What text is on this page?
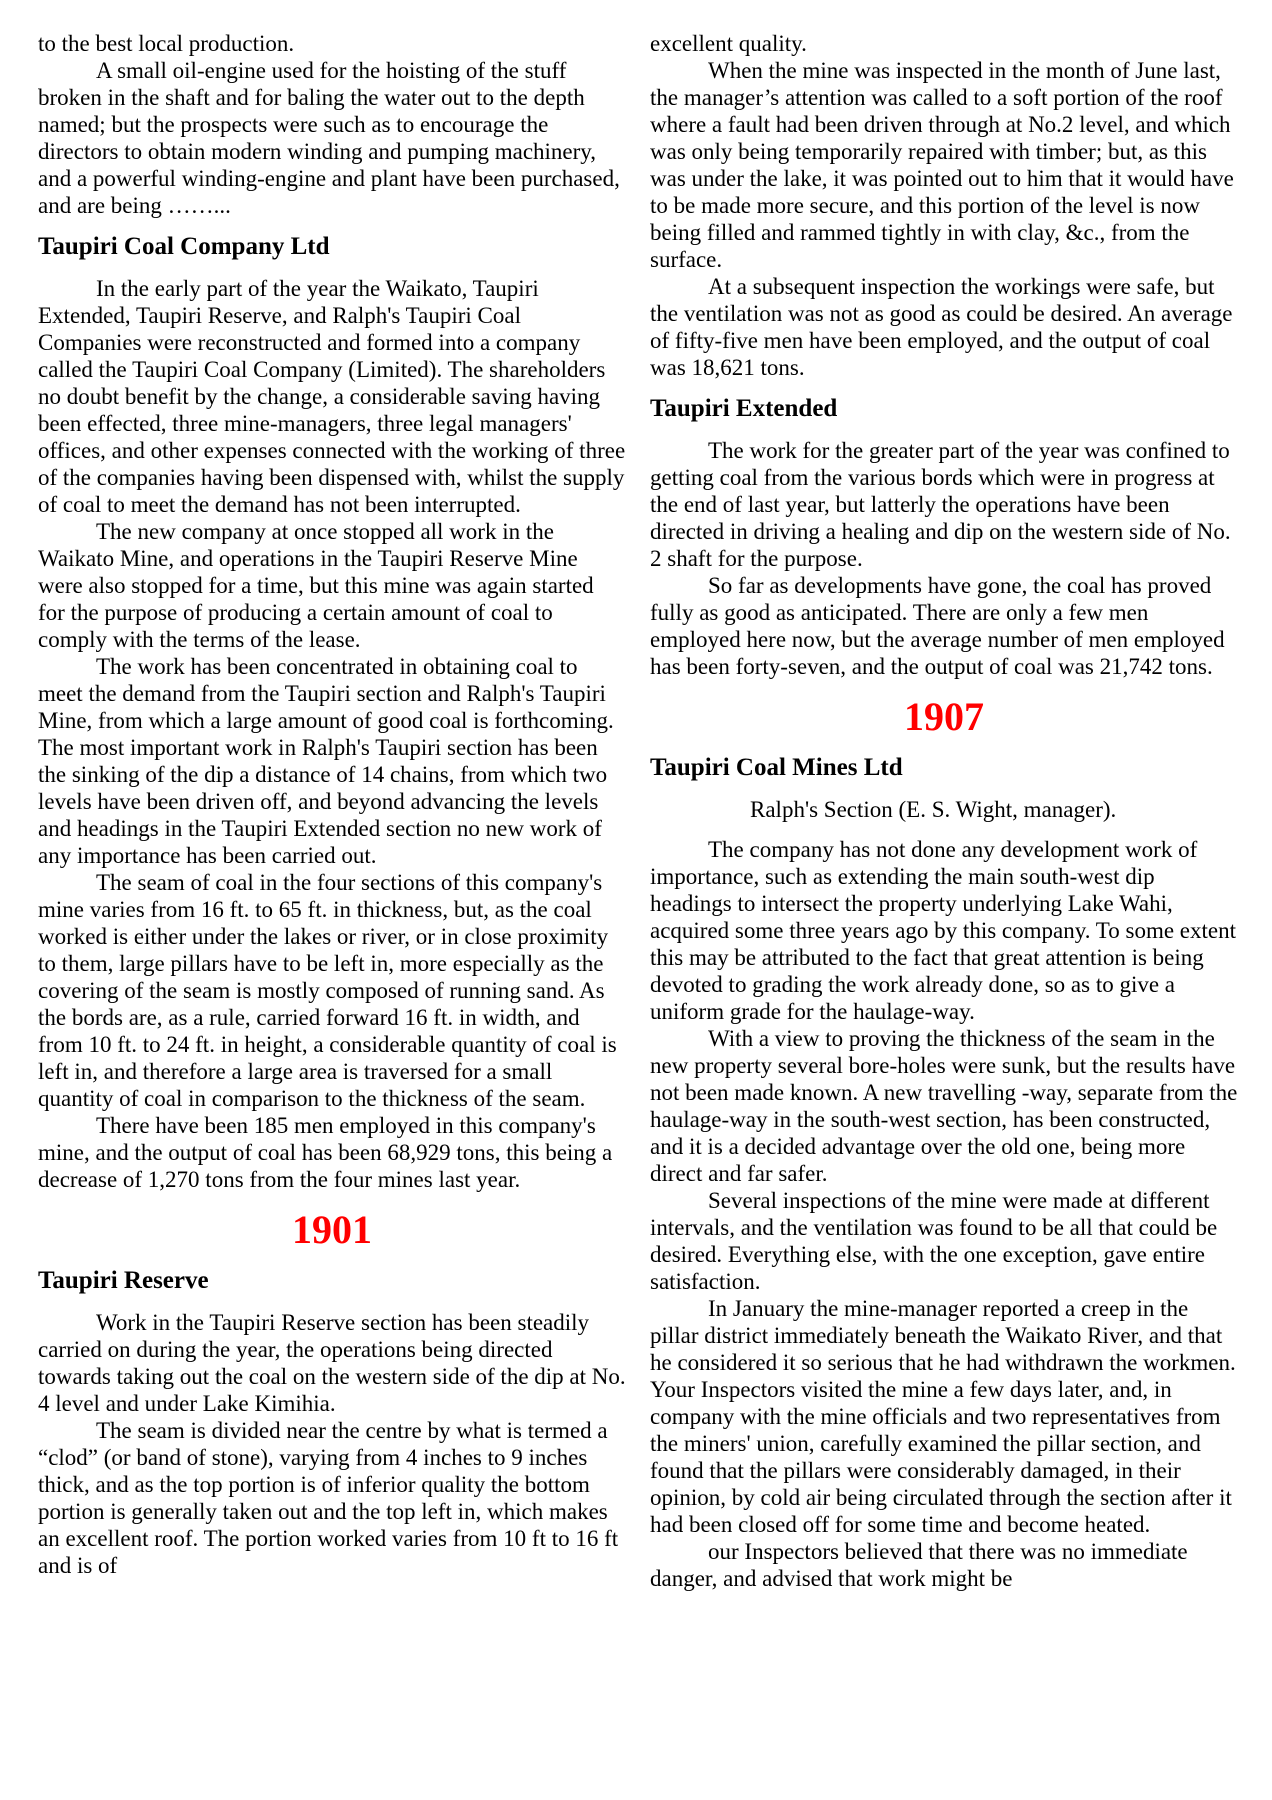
to the best local production.

A small oil-engine used for the hoisting of the stuff broken in the shaft and for baling the water out to the depth named; but the prospects were such as to encourage the directors to obtain modern winding and pumping machinery, and a powerful winding-engine and plant have been purchased, and are being ……...

Taupiri Coal Company Ltd

In the early part of the year the Waikato, Taupiri Extended, Taupiri Reserve, and Ralph's Taupiri Coal Companies were reconstructed and formed into a company called the Taupiri Coal Company (Limited). The shareholders no doubt benefit by the change, a considerable saving having been effected, three mine-managers, three legal managers' offices, and other expenses connected with the working of three of the companies having been dispensed with, whilst the supply of coal to meet the demand has not been interrupted.

The new company at once stopped all work in the Waikato Mine, and operations in the Taupiri Reserve Mine were also stopped for a time, but this mine was again started for the purpose of producing a certain amount of coal to comply with the terms of the lease.

The work has been concentrated in obtaining coal to meet the demand from the Taupiri section and Ralph's Taupiri Mine, from which a large amount of good coal is forthcoming. The most important work in Ralph's Taupiri section has been the sinking of the dip a distance of 14 chains, from which two levels have been driven off, and beyond advancing the levels and headings in the Taupiri Extended section no new work of any importance has been carried out.

The seam of coal in the four sections of this company's mine varies from 16 ft. to 65 ft. in thickness, but, as the coal worked is either under the lakes or river, or in close proximity to them, large pillars have to be left in, more especially as the covering of the seam is mostly composed of running sand. As the bords are, as a rule, carried forward 16 ft. in width, and from 10 ft. to 24 ft. in height, a considerable quantity of coal is left in, and therefore a large area is traversed for a small quantity of coal in comparison to the thickness of the seam.

There have been 185 men employed in this company's mine, and the output of coal has been 68,929 tons, this being a decrease of 1,270 tons from the four mines last year.

1901
Taupiri Reserve

Work in the Taupiri Reserve section has been steadily carried on during the year, the operations being directed towards taking out the coal on the western side of the dip at No. 4 level and under Lake Kimihia.

The seam is divided near the centre by what is termed a “clod” (or band of stone), varying from 4 inches to 9 inches thick, and as the top portion is of inferior quality the bottom portion is generally taken out and the top left in, which makes an excellent roof. The portion worked varies from 10 ft to 16 ft and is of

excellent quality.

When the mine was inspected in the month of June last, the manager’s attention was called to a soft portion of the roof where a fault had been driven through at No.2 level, and which was only being temporarily repaired with timber; but, as this was under the lake, it was pointed out to him that it would have to be made more secure, and this portion of the level is now being filled and rammed tightly in with clay, &c., from the surface.

At a subsequent inspection the workings were safe, but the ventilation was not as good as could be desired. An average of fifty-five men have been employed, and the output of coal was 18,621 tons.

Taupiri Extended

The work for the greater part of the year was confined to getting coal from the various bords which were in progress at the end of last year, but latterly the operations have been directed in driving a healing and dip on the western side of No. 2 shaft for the purpose.

So far as developments have gone, the coal has proved fully as good as anticipated. There are only a few men employed here now, but the average number of men employed has been forty-seven, and the output of coal was 21,742 tons.

1907
Taupiri Coal Mines Ltd

Ralph's Section (E. S. Wight, manager).

The company has not done any development work of importance, such as extending the main south-west dip headings to intersect the property underlying Lake Wahi, acquired some three years ago by this company. To some extent this may be attributed to the fact that great attention is being devoted to grading the work already done, so as to give a uniform grade for the haulage-way.

With a view to proving the thickness of the seam in the new property several bore-holes were sunk, but the results have not been made known. A new travelling -way, separate from the haulage-way in the south-west section, has been constructed, and it is a decided advantage over the old one, being more direct and far safer.

Several inspections of the mine were made at different intervals, and the ventilation was found to be all that could be desired. Everything else, with the one exception, gave entire satisfaction.

In January the mine-manager reported a creep in the pillar district immediately beneath the Waikato River, and that he considered it so serious that he had withdrawn the workmen. Your Inspectors visited the mine a few days later, and, in company with the mine officials and two representatives from the miners' union, carefully examined the pillar section, and found that the pillars were considerably damaged, in their opinion, by cold air being circulated through the section after it had been closed off for some time and become heated.

our Inspectors believed that there was no immediate danger, and advised that work might be
